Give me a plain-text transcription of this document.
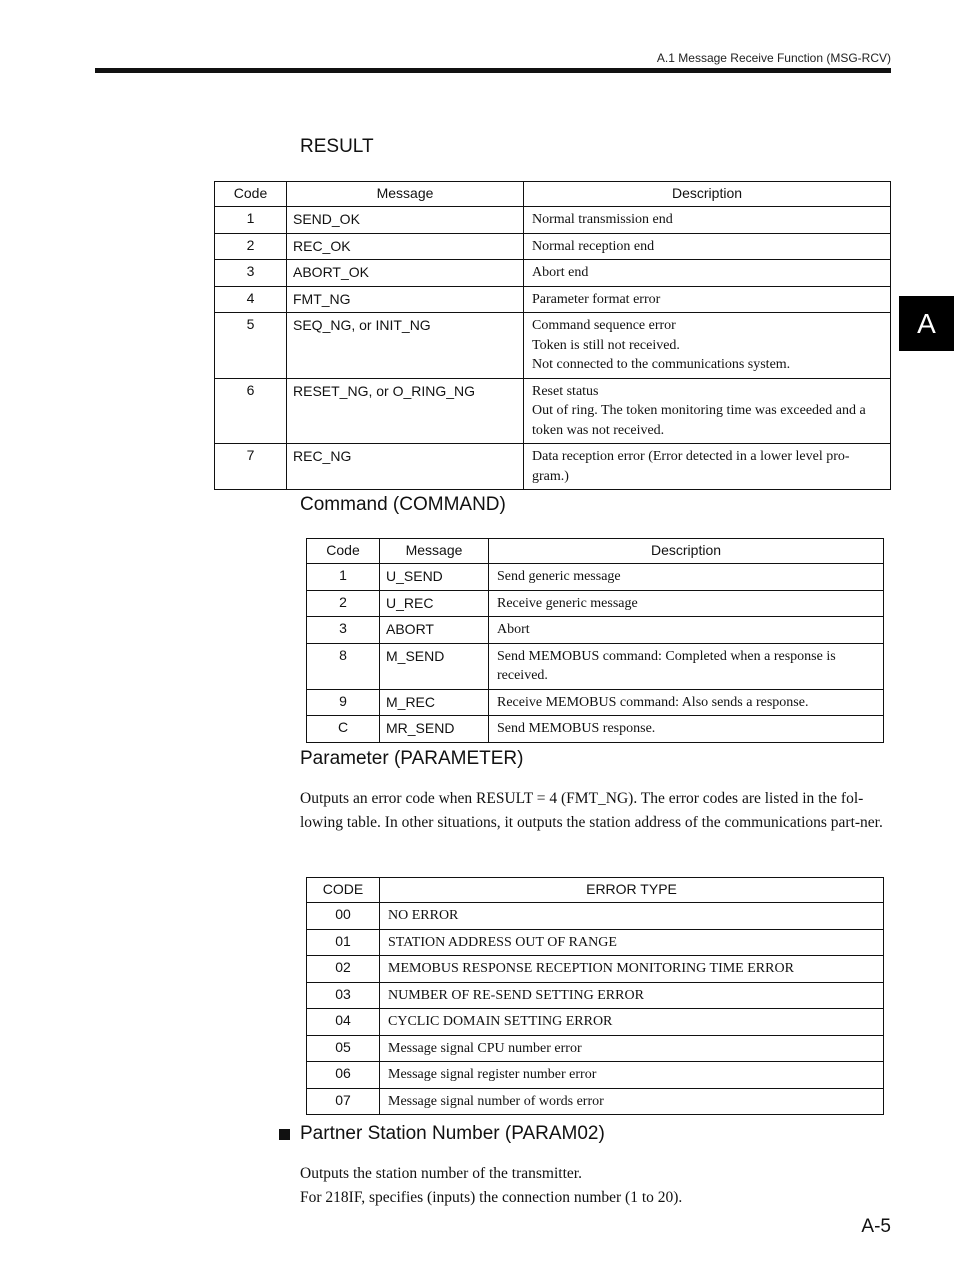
A.1 Message Receive Function (MSG-RCV)
A
RESULT
Code	Message	Description
1	SEND_OK	Normal transmission end

2	REC_OK	Normal reception end

3	ABORT_OK	Abort end

4	FMT_NG	Parameter format error

5	SEQ_NG, or INIT_NG	Command sequence error
Token is still not received.
Not connected to the communications system.

6	RESET_NG, or O_RING_NG	Reset status
Out of ring. The token monitoring time was exceeded and a token was not received.

7	REC_NG	Data reception error (Error detected in a lower level pro-gram.)
Command (COMMAND)
Code	Message	Description
1	U_SEND	Send generic message
2	U_REC	Receive generic message
3	ABORT	Abort
8	M_SEND	Send MEMOBUS command: Completed when a response is received.
9	M_REC	Receive MEMOBUS command: Also sends a response.
C	MR_SEND	Send MEMOBUS response.
Parameter (PARAMETER)
Outputs an error code when RESULT = 4 (FMT_NG). The error codes are listed in the fol-lowing table. In other situations, it outputs the station address of the communications part-ner.
CODE	ERROR TYPE
00	NO ERROR
01	STATION ADDRESS OUT OF RANGE
02	MEMOBUS RESPONSE RECEPTION MONITORING TIME ERROR
03	NUMBER OF RE-SEND SETTING ERROR
04	CYCLIC DOMAIN SETTING ERROR
05	Message signal CPU number error
06	Message signal register number error
07	Message signal number of words error
Partner Station Number (PARAM02)
Outputs the station number of the transmitter.
For 218IF, specifies (inputs) the connection number (1 to 20).
A-5
